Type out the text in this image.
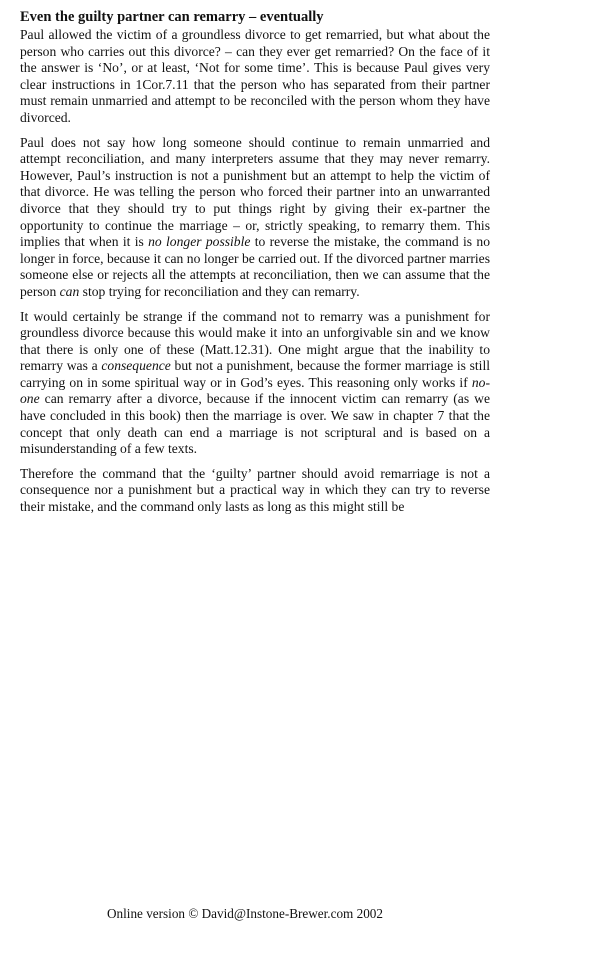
Even the guilty partner can remarry – eventually

Paul allowed the victim of a groundless divorce to get remarried, but what about the person who carries out this divorce? – can they ever get remarried? On the face of it the answer is ‘No’, or at least, ‘Not for some time’. This is because Paul gives very clear instructions in 1Cor.7.11 that the person who has separated from their partner must remain unmarried and attempt to be reconciled with the person whom they have divorced.

Paul does not say how long someone should continue to remain unmarried and attempt reconciliation, and many interpreters assume that they may never remarry. However, Paul’s instruction is not a punishment but an attempt to help the victim of that divorce. He was telling the person who forced their partner into an unwarranted divorce that they should try to put things right by giving their ex-partner the opportunity to continue the marriage – or, strictly speaking, to remarry them. This implies that when it is no longer possible to reverse the mistake, the command is no longer in force, because it can no longer be carried out. If the divorced partner marries someone else or rejects all the attempts at reconciliation, then we can assume that the person can stop trying for reconciliation and they can remarry.

It would certainly be strange if the command not to remarry was a punishment for groundless divorce because this would make it into an unforgivable sin and we know that there is only one of these (Matt.12.31). One might argue that the inability to remarry was a consequence but not a punishment, because the former marriage is still carrying on in some spiritual way or in God’s eyes. This reasoning only works if no-one can remarry after a divorce, because if the innocent victim can remarry (as we have concluded in this book) then the marriage is over. We saw in chapter 7 that the concept that only death can end a marriage is not scriptural and is based on a misunderstanding of a few texts.

Therefore the command that the ‘guilty’ partner should avoid remarriage is not a consequence nor a punishment but a practical way in which they can try to reverse their mistake, and the command only lasts as long as this might still be

Online version © David@Instone-Brewer.com 2002
